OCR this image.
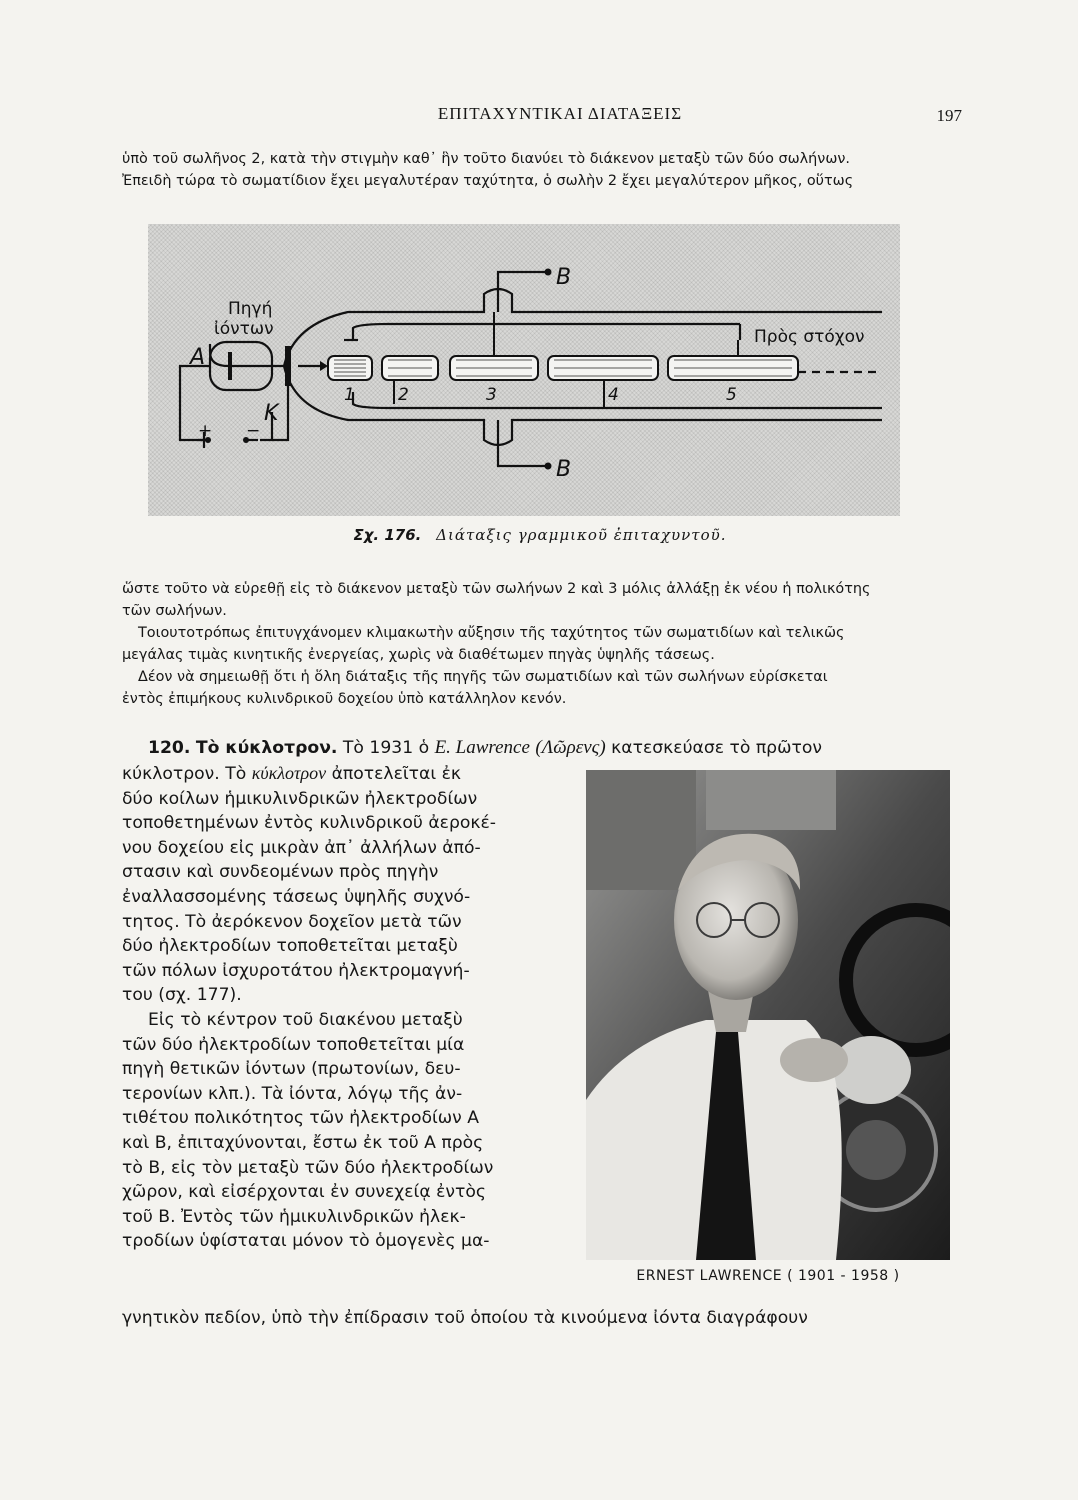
ΕΠΙΤΑΧΥΝΤΙΚΑΙ ΔΙΑΤΑΞΕΙΣ	197
ὑπὸ τοῦ σωλῆνος 2, κατὰ τὴν στιγμὴν καθ᾽ ἣν τοῦτο διανύει τὸ διάκενον μεταξὺ τῶν δύο σωλήνων.
Ἐπειδὴ τώρα τὸ σωματίδιον ἔχει μεγαλυτέραν ταχύτητα, ὁ σωλὴν 2 ἔχει μεγαλύτερον μῆκος, οὕτως
B
B
Πηγή
ἰόντων	Πρὸς στόχον
A
K
+ −
1	2	3	4	5
Σχ. 176. Διάταξις γραμμικοῦ ἐπιταχυντοῦ.
ὥστε τοῦτο νὰ εὑρεθῇ εἰς τὸ διάκενον μεταξὺ τῶν σωλήνων 2 καὶ 3 μόλις ἀλλάξῃ ἐκ νέου ἡ πολικότης
τῶν σωλήνων.
Τοιουτοτρόπως ἐπιτυγχάνομεν κλιμακωτὴν αὔξησιν τῆς ταχύτητος τῶν σωματιδίων καὶ τελικῶς
μεγάλας τιμὰς κινητικῆς ἐνεργείας, χωρὶς νὰ διαθέτωμεν πηγὰς ὑψηλῆς τάσεως.
Δέον νὰ σημειωθῇ ὅτι ἡ ὅλη διάταξις τῆς πηγῆς τῶν σωματιδίων καὶ τῶν σωλήνων εὑρίσκεται
ἐντὸς ἐπιμήκους κυλινδρικοῦ δοχείου ὑπὸ κατάλληλον κενόν.
120. Τὸ κύκλοτρον. Τὸ 1931 ὁ E. Lawrence (Λῶρενς) κατεσκεύασε τὸ πρῶτον
κύκλοτρον. Τὸ κύκλοτρον ἀποτελεῖται ἐκ
δύο κοίλων ἡμικυλινδρικῶν ἠλεκτροδίων
τοποθετημένων ἐντὸς κυλινδρικοῦ ἀεροκέ-
νου δοχείου εἰς μικρὰν ἀπ᾽ ἀλλήλων ἀπό-
στασιν καὶ συνδεομένων πρὸς πηγὴν
ἐναλλασσομένης τάσεως ὑψηλῆς συχνό-
τητος. Τὸ ἀερόκενον δοχεῖον μετὰ τῶν
δύο ἠλεκτροδίων τοποθετεῖται μεταξὺ
τῶν πόλων ἰσχυροτάτου ἠλεκτρομαγνή-
του (σχ. 177).
Εἰς τὸ κέντρον τοῦ διακένου μεταξὺ
τῶν δύο ἠλεκτροδίων τοποθετεῖται μία
πηγὴ θετικῶν ἰόντων (πρωτονίων, δευ-
τερονίων κλπ.). Τὰ ἰόντα, λόγῳ τῆς ἀν-
τιθέτου πολικότητος τῶν ἠλεκτροδίων A
καὶ B, ἐπιταχύνονται, ἔστω ἐκ τοῦ A πρὸς
τὸ B, εἰς τὸν μεταξὺ τῶν δύο ἠλεκτροδίων
χῶρον, καὶ εἰσέρχονται ἐν συνεχείᾳ ἐντὸς
τοῦ B. Ἐντὸς τῶν ἡμικυλινδρικῶν ἠλεκ-
τροδίων ὑφίσταται μόνον τὸ ὁμογενὲς μα-
γνητικὸν πεδίον, ὑπὸ τὴν ἐπίδρασιν τοῦ ὁποίου τὰ κινούμενα ἰόντα διαγράφουν
ERNEST LAWRENCE ( 1901 - 1958 )
